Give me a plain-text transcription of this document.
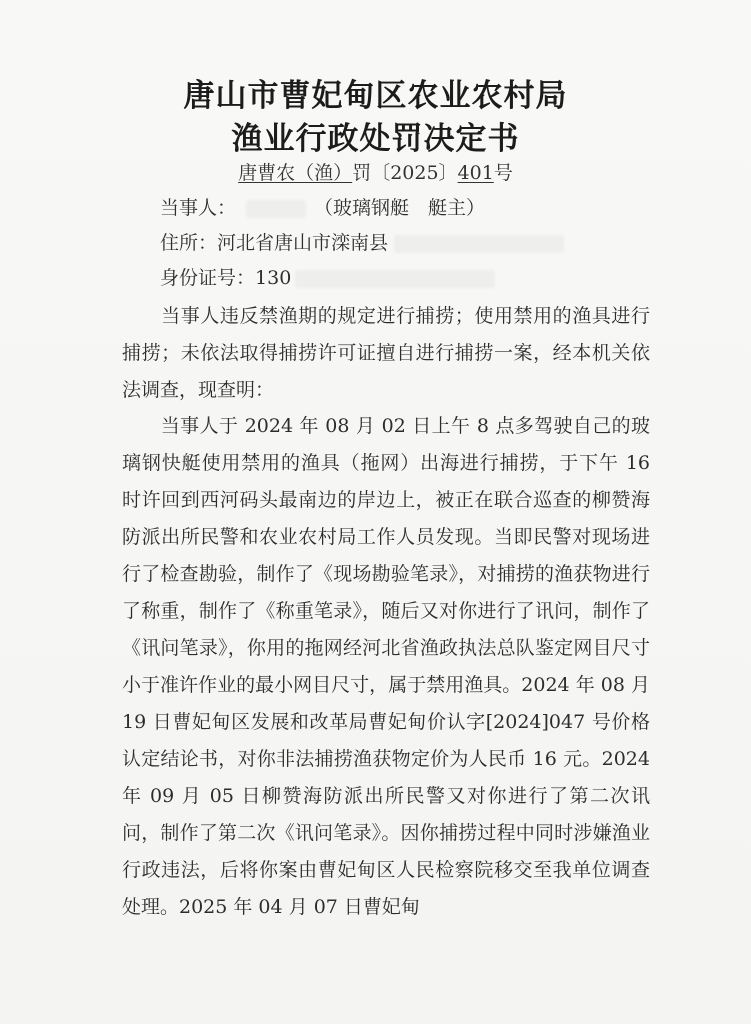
唐山市曹妃甸区农业农村局
渔业行政处罚决定书
唐曹农（渔）罚〔2025〕401号
当事人：	（玻璃钢艇　艇主）
住所：河北省唐山市滦南县
身份证号：130
　　当事人违反禁渔期的规定进行捕捞；使用禁用的渔具进行捕捞；未依法取得捕捞许可证擅自进行捕捞一案，经本机关依法调查，现查明：
　　当事人于 2024 年 08 月 02 日上午 8 点多驾驶自己的玻璃钢快艇使用禁用的渔具（拖网）出海进行捕捞，于下午 16 时许回到西河码头最南边的岸边上，被正在联合巡查的柳赞海防派出所民警和农业农村局工作人员发现。当即民警对现场进行了检查勘验，制作了《现场勘验笔录》，对捕捞的渔获物进行了称重，制作了《称重笔录》，随后又对你进行了讯问，制作了《讯问笔录》，你用的拖网经河北省渔政执法总队鉴定网目尺寸小于准许作业的最小网目尺寸，属于禁用渔具。2024 年 08 月 19 日曹妃甸区发展和改革局曹妃甸价认字[2024]047 号价格认定结论书，对你非法捕捞渔获物定价为人民币 16 元。2024 年 09 月 05 日柳赞海防派出所民警又对你进行了第二次讯问，制作了第二次《讯问笔录》。因你捕捞过程中同时涉嫌渔业行政违法，后将你案由曹妃甸区人民检察院移交至我单位调查处理。2025 年 04 月 07 日曹妃甸
